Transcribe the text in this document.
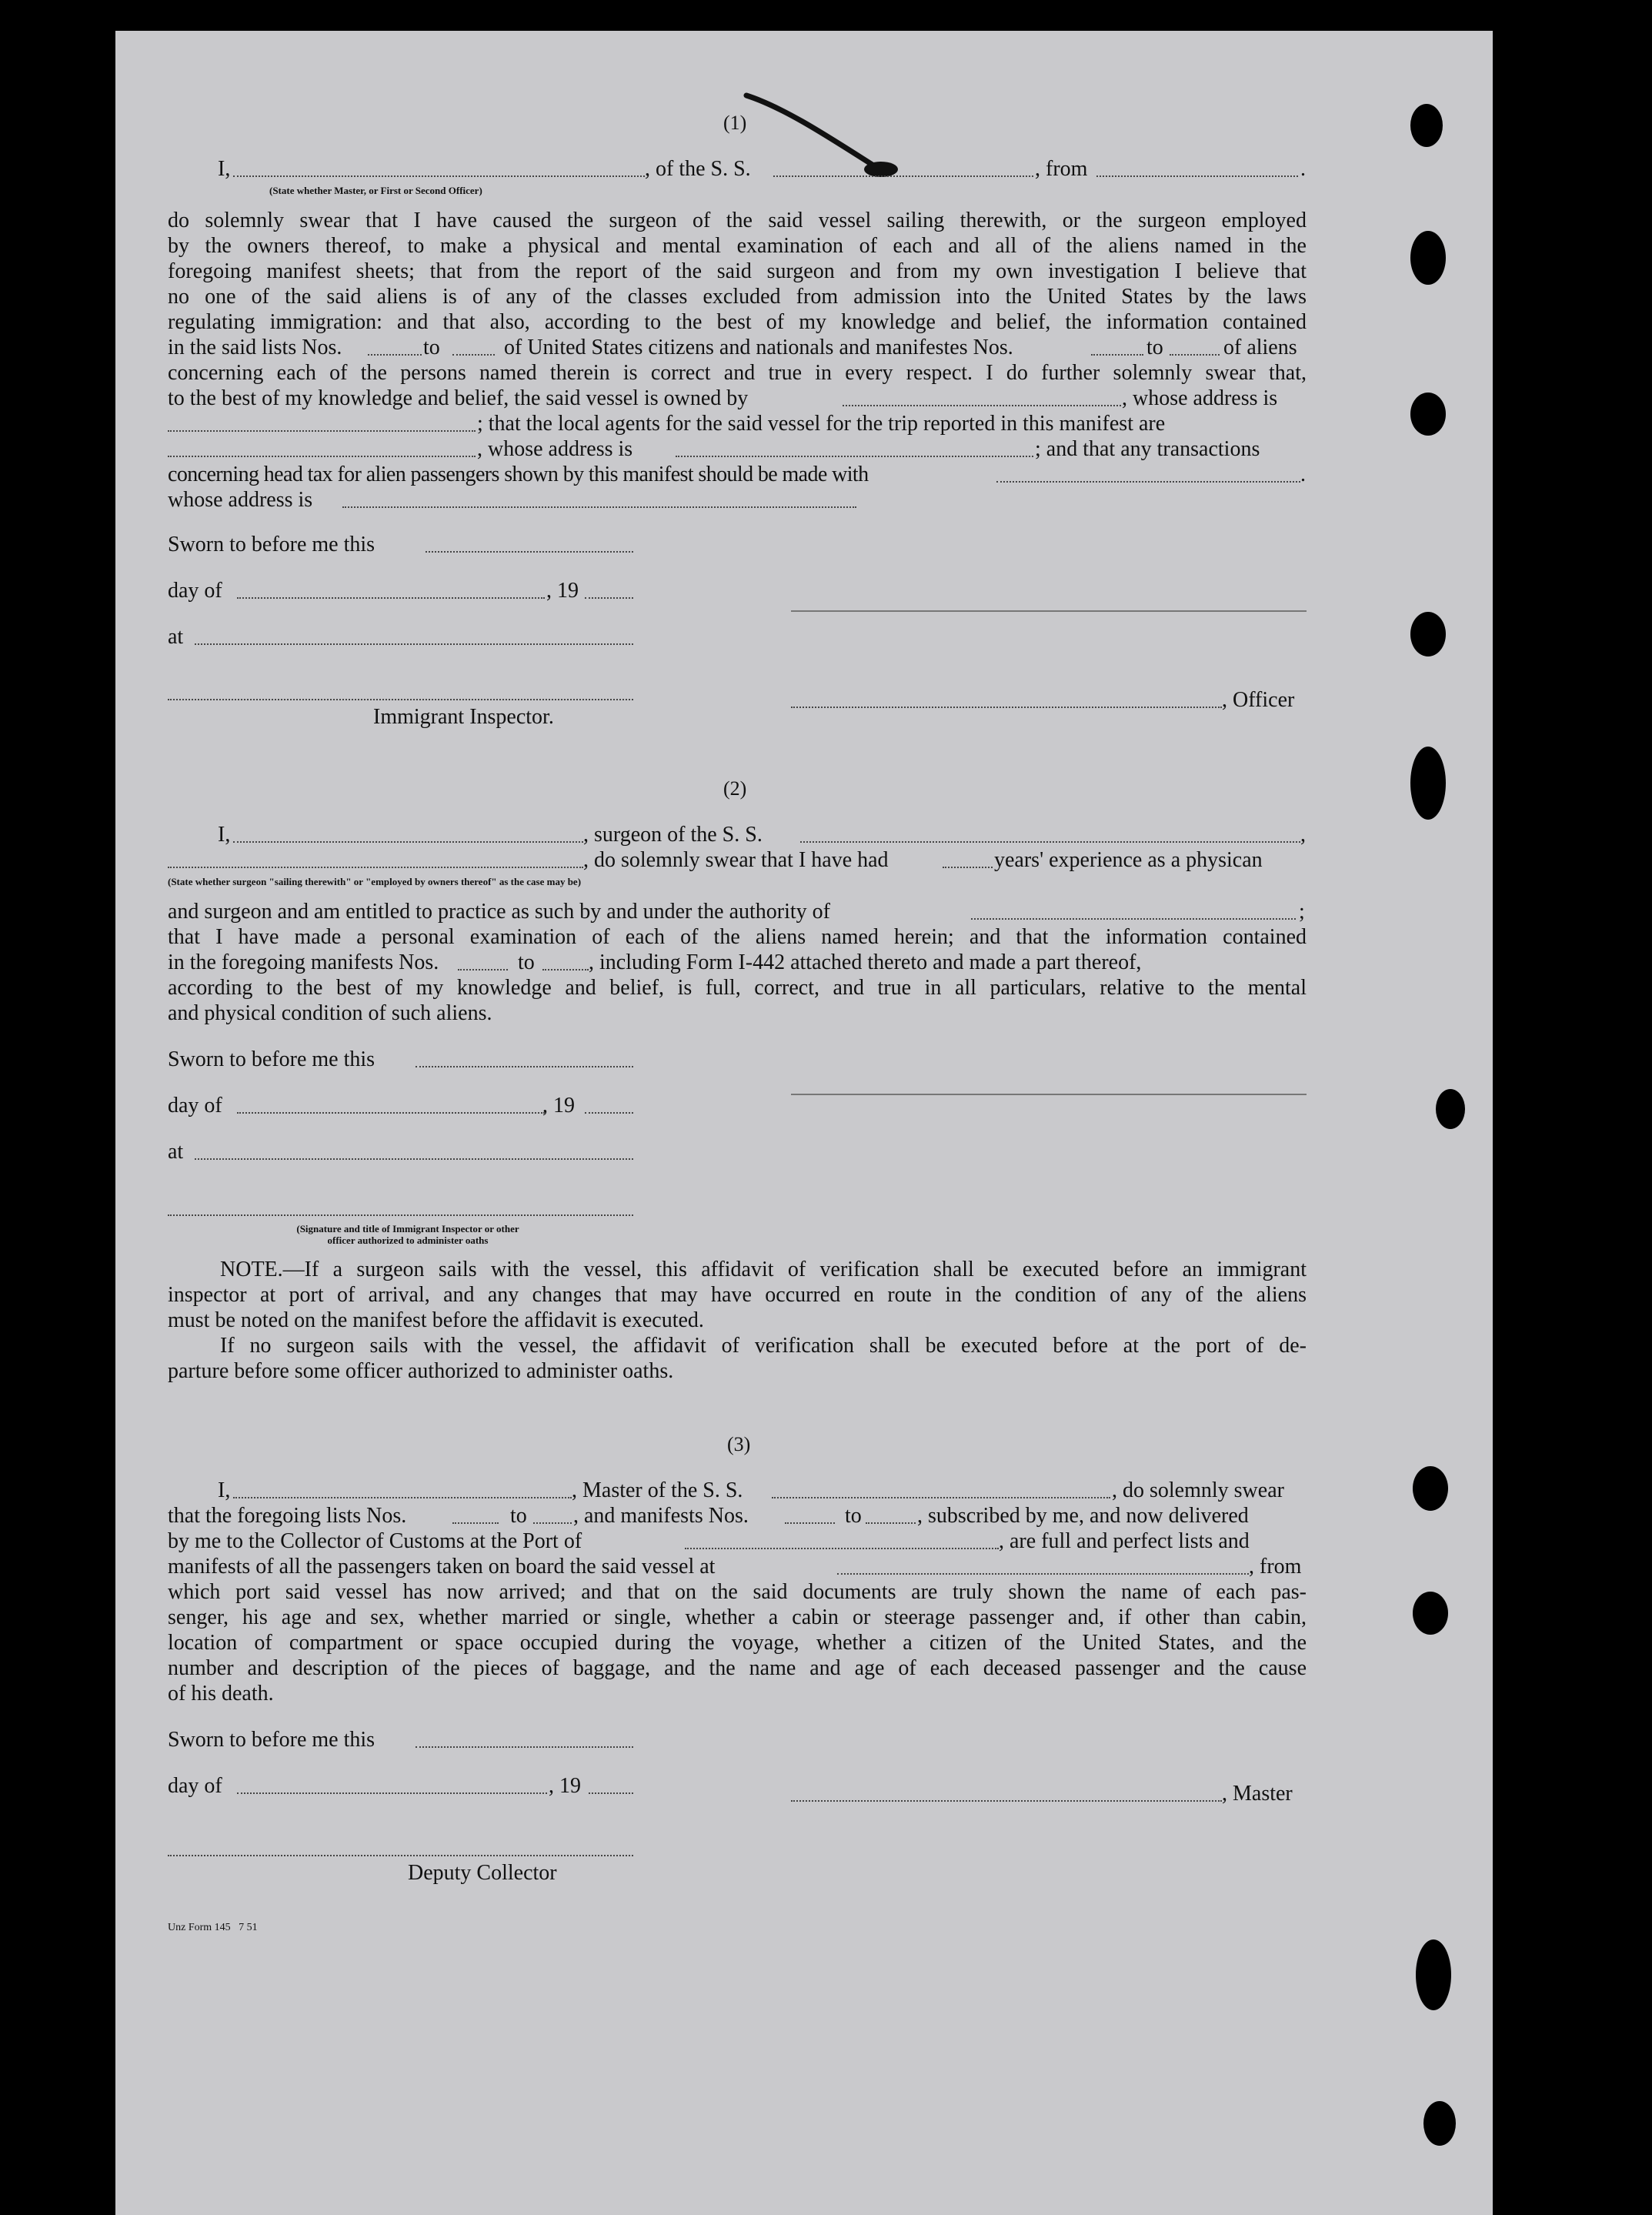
(1)
I,	, of the S. S.	, from	.
(State whether Master, or First or Second Officer)
do solemnly swear that I have caused the surgeon of the said vessel sailing therewith, or the surgeon employed
by the owners thereof, to make a physical and mental examination of each and all of the aliens named in the
foregoing manifest sheets; that from the report of the said surgeon and from my own investigation I believe that
no one of the said aliens is of any of the classes excluded from admission into the United States by the laws
regulating immigration: and that also, according to the best of my knowledge and belief, the information contained
in the said lists Nos.	to	of United States citizens and nationals and manifestes Nos.	to	of aliens
concerning each of the persons named therein is correct and true in every respect. I do further solemnly swear that,
to the best of my knowledge and belief, the said vessel is owned by	, whose address is
; that the local agents for the said vessel for the trip reported in this manifest are
, whose address is	; and that any transactions
concerning head tax for alien passengers shown by this manifest should be made with	.
whose address is
Sworn to before me this
day of	, 19
at
, Officer
Immigrant Inspector.
(2)
I,	, surgeon of the S. S.	,
, do solemnly swear that I have had	years' experience as a physican
(State whether surgeon "sailing therewith" or "employed by owners thereof" as the case may be)
and surgeon and am entitled to practice as such by and under the authority of	;
that I have made a personal examination of each of the aliens named herein; and that the information contained
in the foregoing manifests Nos.	to	, including Form I-442 attached thereto and made a part thereof,
according to the best of my knowledge and belief, is full, correct, and true in all particulars, relative to the mental
and physical condition of such aliens.
Sworn to before me this
day of	, 19
at
(Signature and title of Immigrant Inspector or other
officer authorized to administer oaths
NOTE.—If a surgeon sails with the vessel, this affidavit of verification shall be executed before an immigrant
inspector at port of arrival, and any changes that may have occurred en route in the condition of any of the aliens
must be noted on the manifest before the affidavit is executed.
If no surgeon sails with the vessel, the affidavit of verification shall be executed before at the port of de-
parture before some officer authorized to administer oaths.
(3)
I,	, Master of the S. S.	, do solemnly swear
that the foregoing lists Nos.	to , and manifests Nos.	to	, subscribed by me, and now delivered
by me to the Collector of Customs at the Port of	, are full and perfect lists and
manifests of all the passengers taken on board the said vessel at	, from
which port said vessel has now arrived; and that on the said documents are truly shown the name of each pas-
senger, his age and sex, whether married or single, whether a cabin or steerage passenger and, if other than cabin,
location of compartment or space occupied during the voyage, whether a citizen of the United States, and the
number and description of the pieces of baggage, and the name and age of each deceased passenger and the cause
of his death.
Sworn to before me this
day of	, 19	, Master
Deputy Collector
Unz Form 145   7 51
